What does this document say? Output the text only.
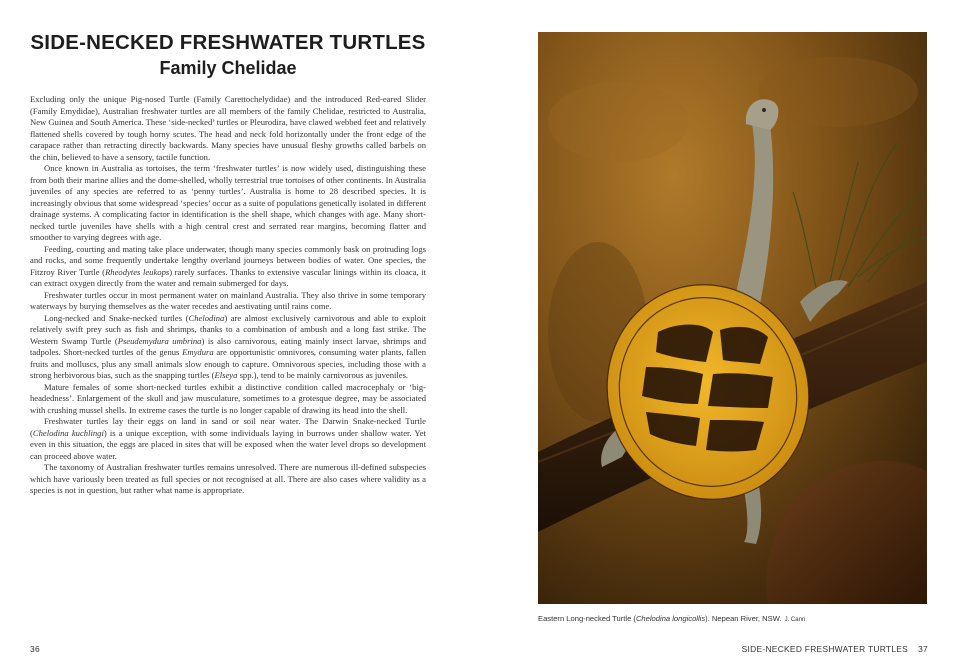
SIDE-NECKED FRESHWATER TURTLES
Family Chelidae

Excluding only the unique Pig-nosed Turtle (Family Carettochelydidae) and the introduced Red-eared Slider (Family Emydidae), Australian freshwater turtles are all members of the family Chelidae, restricted to Australia, New Guinea and South America. These ‘side-necked’ turtles or Pleurodira, have clawed webbed feet and relatively flattened shells covered by tough horny scutes. The head and neck fold horizontally under the front edge of the carapace rather than retracting directly backwards. Many species have unusual fleshy growths called barbels on the chin, believed to have a sensory, tactile function.

Once known in Australia as tortoises, the term ‘freshwater turtles’ is now widely used, distinguishing these from both their marine allies and the dome-shelled, wholly terrestrial true tortoises of other continents. In Australia juveniles of any species are referred to as ‘penny turtles’. Australia is home to 28 described species. It is increasingly obvious that some widespread ‘species’ occur as a suite of populations genetically isolated in different drainage systems. A complicating factor in identification is the shell shape, which changes with age. Many short-necked turtle juveniles have shells with a high central crest and serrated rear margins, becoming flatter and smoother to varying degrees with age.

Feeding, courting and mating take place underwater, though many species commonly bask on protruding logs and rocks, and some frequently undertake lengthy overland journeys between bodies of water. One species, the Fitzroy River Turtle (Rheodytes leukops) rarely surfaces. Thanks to extensive vascular linings within its cloaca, it can extract oxygen directly from the water and remain submerged for days.

Freshwater turtles occur in most permanent water on mainland Australia. They also thrive in some temporary waterways by burying themselves as the water recedes and aestivating until rains come.

Long-necked and Snake-necked turtles (Chelodina) are almost exclusively carnivorous and able to exploit relatively swift prey such as fish and shrimps, thanks to a combination of ambush and a long fast strike. The Western Swamp Turtle (Pseudemydura umbrina) is also carnivorous, eating mainly insect larvae, shrimps and tadpoles. Short-necked turtles of the genus Emydura are opportunistic omnivores, consuming water plants, fallen fruits and molluscs, plus any small animals slow enough to capture. Omnivorous species, including those with a strong herbivorous bias, such as the snapping turtles (Elseya spp.), tend to be mainly carnivorous as juveniles.

Mature females of some short-necked turtles exhibit a distinctive condition called macrocephaly or ‘big-headedness’. Enlargement of the skull and jaw musculature, sometimes to a grotesque degree, may be associated with crushing mussel shells. In extreme cases the turtle is no longer capable of drawing its head into the shell.

Freshwater turtles lay their eggs on land in sand or soil near water. The Darwin Snake-necked Turtle (Chelodina kuchlingi) is a unique exception, with some individuals laying in burrows under shallow water. Yet even in this situation, the eggs are placed in sites that will be exposed when the water level drops so development can proceed above water.

The taxonomy of Australian freshwater turtles remains unresolved. There are numerous ill-defined subspecies which have variously been treated as full species or not recognised at all. There are also cases where validity as a species is not in question, but rather what name is appropriate.

Eastern Long-necked Turtle (Chelodina longicollis). Nepean River, NSW. J. Cann
36	SIDE-NECKED FRESHWATER TURTLES 37
